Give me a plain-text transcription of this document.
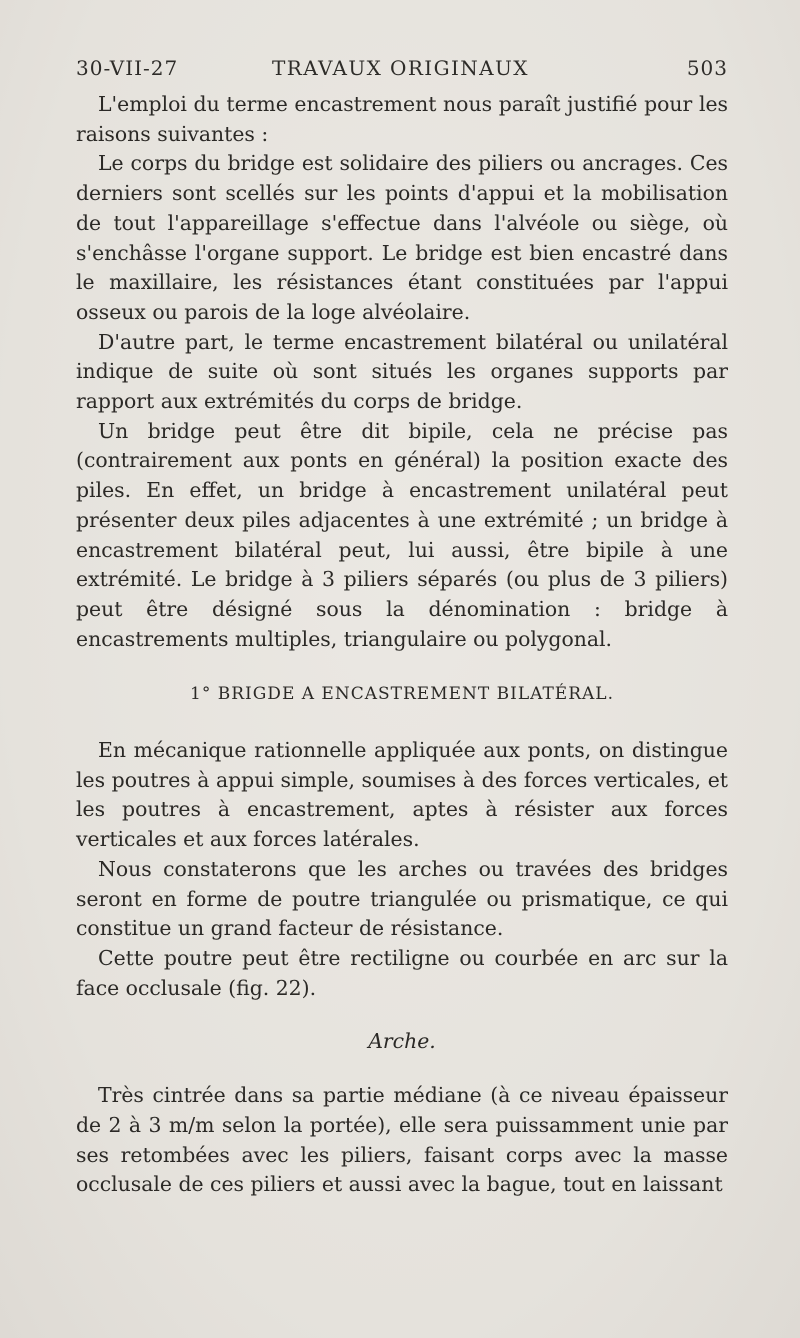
30-VII-27	TRAVAUX ORIGINAUX	503

L'emploi du terme encastrement nous paraît justifié pour les raisons suivantes :

Le corps du bridge est solidaire des piliers ou ancrages. Ces derniers sont scellés sur les points d'appui et la mobilisation de tout l'appareillage s'effectue dans l'alvéole ou siège, où s'enchâsse l'organe support. Le bridge est bien encastré dans le maxillaire, les résistances étant constituées par l'appui osseux ou parois de la loge alvéolaire.

D'autre part, le terme encastrement bilatéral ou unilatéral indique de suite où sont situés les organes supports par rapport aux extrémités du corps de bridge.

Un bridge peut être dit bipile, cela ne précise pas (contrairement aux ponts en général) la position exacte des piles. En effet, un bridge à encastrement unilatéral peut présenter deux piles adjacentes à une extrémité ; un bridge à encastrement bilatéral peut, lui aussi, être bipile à une extrémité. Le bridge à 3 piliers séparés (ou plus de 3 piliers) peut être désigné sous la dénomination : bridge à encastrements multiples, triangulaire ou polygonal.

1° BRIGDE A ENCASTREMENT BILATÉRAL.

En mécanique rationnelle appliquée aux ponts, on distingue les poutres à appui simple, soumises à des forces verticales, et les poutres à encastrement, aptes à résister aux forces verticales et aux forces latérales.

Nous constaterons que les arches ou travées des bridges seront en forme de poutre triangulée ou prismatique, ce qui constitue un grand facteur de résistance.

Cette poutre peut être rectiligne ou courbée en arc sur la face occlusale (fig. 22).

Arche.

Très cintrée dans sa partie médiane (à ce niveau épaisseur de 2 à 3 m/m selon la portée), elle sera puissamment unie par ses retombées avec les piliers, faisant corps avec la masse occlusale de ces piliers et aussi avec la bague, tout en laissant
